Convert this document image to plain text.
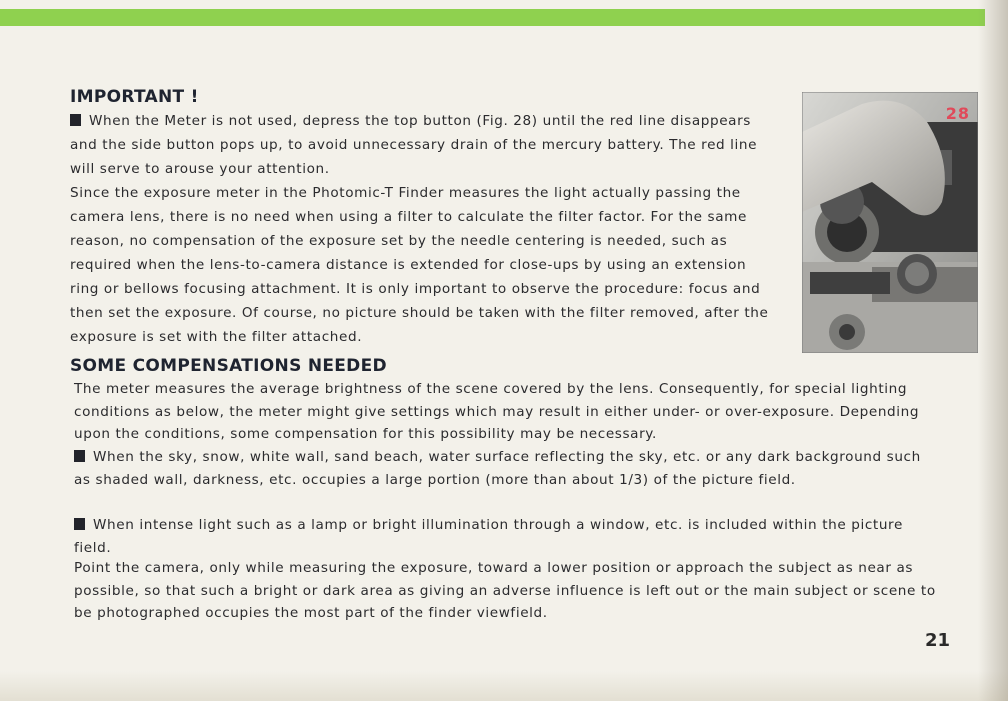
IMPORTANT !

When the Meter is not used, depress the top button (Fig. 28) until the red line disappears and the side button pops up, to avoid unnecessary drain of the mercury battery. The red line will serve to arouse your attention.

Since the exposure meter in the Photomic-T Finder measures the light actually passing the camera lens, there is no need when using a filter to calculate the filter factor. For the same reason, no compensation of the exposure set by the needle centering is needed, such as required when the lens-to-camera distance is extended for close-ups by using an extension ring or bellows focusing attachment. It is only important to observe the procedure: focus and then set the exposure. Of course, no picture should be taken with the filter removed, after the exposure is set with the filter attached.

28
SOME COMPENSATIONS NEEDED

The meter measures the average brightness of the scene covered by the lens. Consequently, for special lighting conditions as below, the meter might give settings which may result in either under- or over-exposure. Depending upon the conditions, some compensation for this possibility may be necessary.

When the sky, snow, white wall, sand beach, water surface reflecting the sky, etc. or any dark background such as shaded wall, darkness, etc. occupies a large portion (more than about 1/3) of the picture field.

When intense light such as a lamp or bright illumination through a window, etc. is included within the picture field.

Point the camera, only while measuring the exposure, toward a lower position or approach the subject as near as possible, so that such a bright or dark area as giving an adverse influence is left out or the main subject or scene to be photographed occupies the most part of the finder viewfield.

21
